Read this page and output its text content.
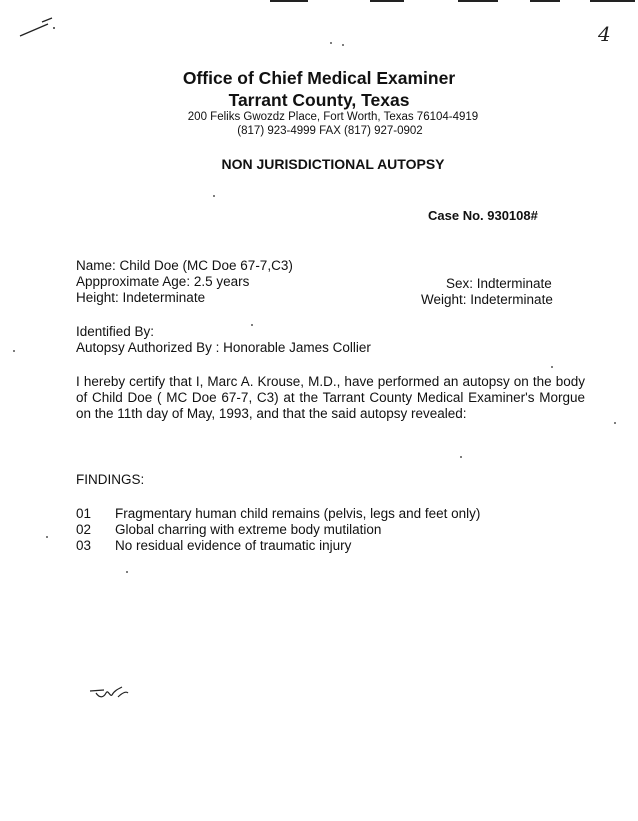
4
Office of Chief Medical Examiner
Tarrant County, Texas
200 Feliks Gwozdz Place, Fort Worth, Texas 76104-4919
(817) 923-4999 FAX (817) 927-0902
NON JURISDICTIONAL AUTOPSY
Case No. 930108#
Name: Child Doe (MC Doe 67-7,C3)
Appproximate Age: 2.5 years
Height: Indeterminate
Sex: Indterminate
Weight: Indeterminate
Identified By:
Autopsy Authorized By : Honorable James Collier

I hereby certify that I, Marc A. Krouse, M.D., have performed an autopsy on the body of Child Doe ( MC Doe 67-7, C3) at the Tarrant County Medical Examiner's Morgue on the 11th day of May, 1993, and that the said autopsy revealed:

FINDINGS:
01 Fragmentary human child remains (pelvis, legs and feet only)
02 Global charring with extreme body mutilation
03 No residual evidence of traumatic injury
